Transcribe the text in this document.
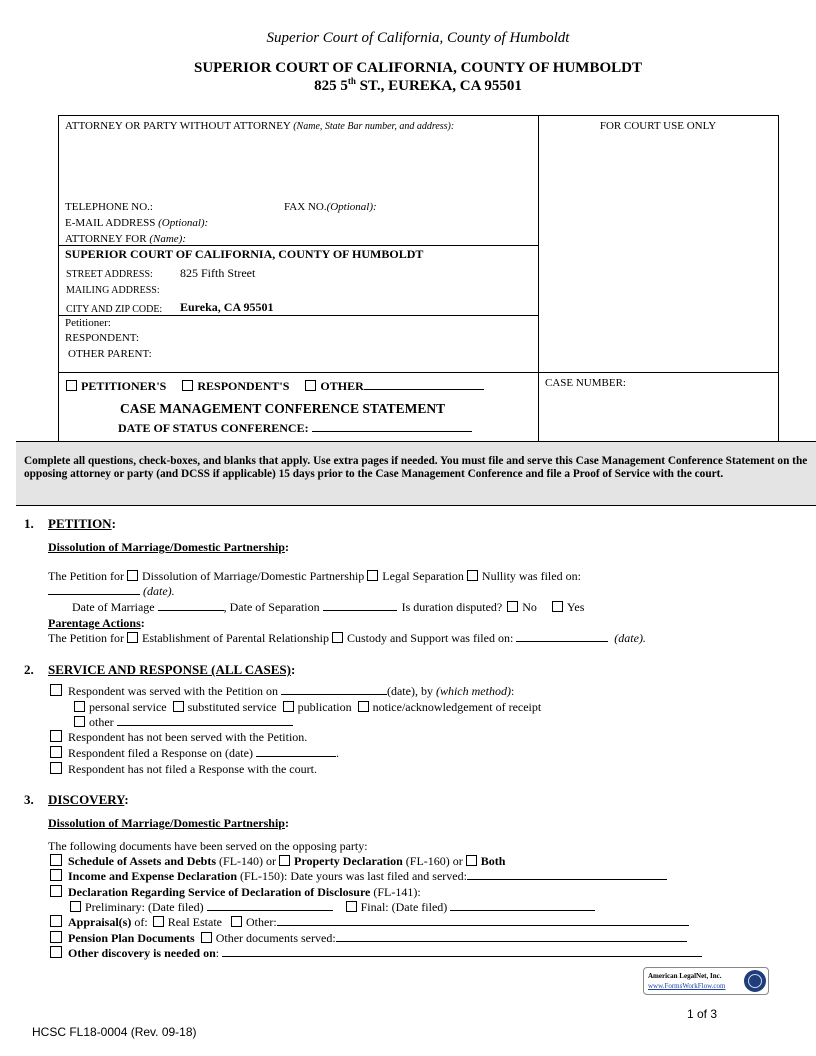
Superior Court of California, County of Humboldt
SUPERIOR COURT OF CALIFORNIA, COUNTY OF HUMBOLDT
825 5th ST., EUREKA, CA 95501
ATTORNEY OR PARTY WITHOUT ATTORNEY (Name, State Bar number, and address):	FOR COURT USE ONLY
TELEPHONE NO.:	FAX NO.(Optional):
E-MAIL ADDRESS (Optional):
ATTORNEY FOR (Name):
SUPERIOR COURT OF CALIFORNIA, COUNTY OF HUMBOLDT
STREET ADDRESS: 825 Fifth Street
MAILING ADDRESS:
CITY AND ZIP CODE: Eureka, CA 95501
Petitioner:
RESPONDENT:
OTHER PARENT:
PETITIONER'S	RESPONDENT'S	OTHER	CASE NUMBER:
CASE MANAGEMENT CONFERENCE STATEMENT
DATE OF STATUS CONFERENCE:
Complete all questions, check-boxes, and blanks that apply. Use extra pages if needed. You must file and serve this Case Management Conference Statement on the opposing attorney or party (and DCSS if applicable) 15 days prior to the Case Management Conference and file a Proof of Service with the court.
1. PETITION:
Dissolution of Marriage/Domestic Partnership:
The Petition for Dissolution of Marriage/Domestic Partnership Legal Separation Nullity was filed on:
(date).
Date of Marriage	, Date of Separation	Is duration disputed? No	Yes
Parentage Actions:
The Petition for Establishment of Parental Relationship Custody and Support was filed on:	(date).
2. SERVICE AND RESPONSE (ALL CASES):
Respondent was served with the Petition on	(date), by (which method):
personal service substituted service publication notice/acknowledgement of receipt
other
Respondent has not been served with the Petition.
Respondent filed a Response on (date)	.
Respondent has not filed a Response with the court.
3. DISCOVERY:
Dissolution of Marriage/Domestic Partnership:
The following documents have been served on the opposing party:
Schedule of Assets and Debts (FL-140) or Property Declaration (FL-160) or Both
Income and Expense Declaration (FL-150): Date yours was last filed and served:
Declaration Regarding Service of Declaration of Disclosure (FL-141):
Preliminary: (Date filed)	Final: (Date filed)
Appraisal(s) of: Real Estate Other:
Pension Plan Documents Other documents served:
Other discovery is needed on:
American LegalNet, Inc.
www.FormsWorkFlow.com
1 of 3
HCSC FL18-0004 (Rev. 09-18)
